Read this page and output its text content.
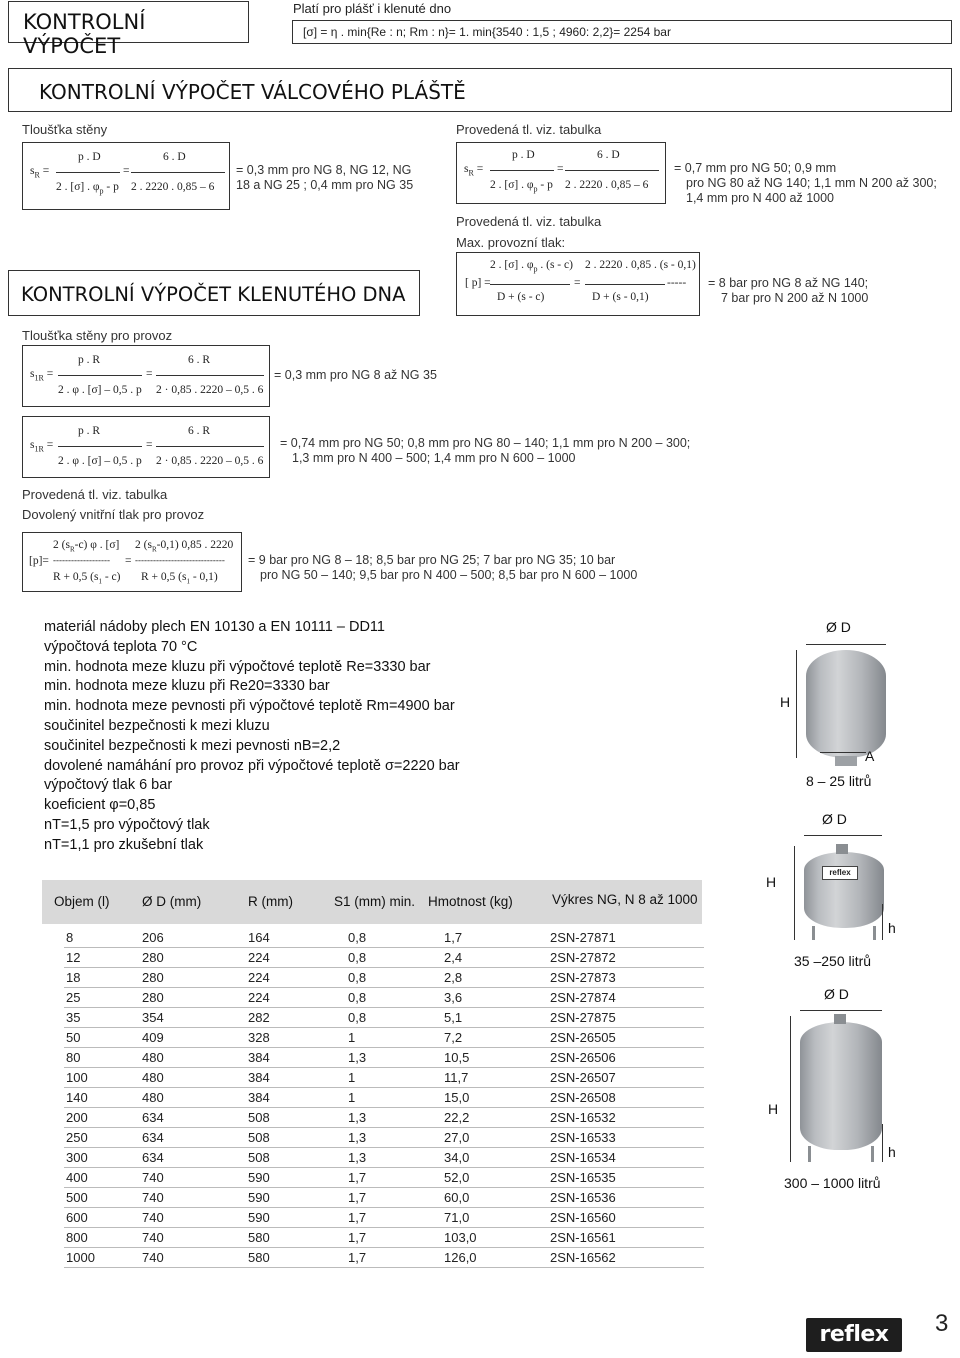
KONTROLNÍ VÝPOČET
Platí pro plášť i klenuté dno
[σ] = η . min{Re : n; Rm : n}= 1. min{3540 : 1,5 ; 4960: 2,2}= 2254 bar
KONTROLNÍ VÝPOČET VÁLCOVÉHO PLÁŠTĚ
Tloušťka stěny
$s_R$ =
p . D
2 . [σ] . $\varphi_p$ - p
=
6 . D
2 . 2220 . 0,85 – 6
= 0,3 mm pro NG 8, NG 12, NG 18 a NG 25 ; 0,4 mm pro NG 35
Provedená tl. viz. tabulka
$s_R$ =
p . D
2 . [σ] . $\varphi_p$ - p
=
6 . D
2 . 2220 . 0,85 – 6
= 0,7 mm pro NG 50; 0,9 mm
pro NG 80 až NG 140; 1,1 mm N 200 až 300;
1,4 mm pro N 400 až 1000
Provedená tl. viz. tabulka
Max. provozní tlak:
[ p] =
2 . [σ] . $\varphi_p$ . (s - c)
D + (s - c)
=
2 . 2220 . 0,85 . (s - 0,1)
-----
D + (s - 0,1)
= 8 bar pro NG 8 až NG 140;
7 bar pro N 200 až N 1000
KONTROLNÍ VÝPOČET KLENUTÉHO DNA
Tloušťka stěny pro provoz
$s_{1R}$ =
p . R
2 . φ . [σ] – 0,5 . p
=
6 . R
2 · 0,85 . 2220 – 0,5 . 6
= 0,3 mm pro NG 8 až NG 35
$s_{1R}$ =
p . R
2 . φ . [σ] – 0,5 . p
=
6 . R
2 · 0,85 . 2220 – 0,5 . 6
= 0,74 mm pro NG 50; 0,8 mm pro NG 80 – 140; 1,1 mm pro N 200 – 300;
1,3 mm pro N 400 – 500; 1,4 mm pro N 600 – 1000
Provedená tl. viz. tabulka
Dovolený vnitřní tlak pro provoz
2 $(s_R-c)$ φ . [σ]
[p]= ------------------- =
R + 0,5 $(s_1 - c)$
2 $(s_R-0,1)$ 0,85 . 2220
------------------------------
R + 0,5 $(s_1 - 0,1)$
= 9 bar pro NG 8 – 18; 8,5 bar pro NG 25; 7 bar pro NG 35; 10 bar
pro NG 50 – 140; 9,5 bar pro N 400 – 500; 8,5 bar pro N 600 – 1000
materiál nádoby plech EN 10130 a EN 10111 – DD11
výpočtová teplota 70 °C
min. hodnota meze kluzu při výpočtové teplotě Re=3330 bar
min. hodnota meze kluzu při Re20=3330 bar
min. hodnota meze pevnosti při výpočtové teplotě Rm=4900 bar
součinitel bezpečnosti k mezi kluzu
součinitel bezpečnosti k mezi pevnosti nB=2,2
dovolené namáhání pro provoz při výpočtové teplotě σ=2220 bar
výpočtový tlak 6 bar
koeficient φ=0,85
nT=1,5 pro výpočtový tlak
nT=1,1 pro zkušební tlak
Objem (l) Ø D (mm)	R (mm)	S1 (mm) min. Hmotnost (kg)	Výkres NG, N 8 až 1000
8	206	164	0,8	1,7	2SN-27871
12	280	224	0,8	2,4	2SN-27872
18	280	224	0,8	2,8	2SN-27873
25	280	224	0,8	3,6	2SN-27874
35	354	282	0,8	5,1	2SN-27875
50	409	328	1	7,2	2SN-26505
80	480	384	1,3	10,5	2SN-26506
100	480	384	1	11,7	2SN-26507
140	480	384	1	15,0	2SN-26508
200	634	508	1,3	22,2	2SN-16532
250	634	508	1,3	27,0	2SN-16533
300	634	508	1,3	34,0	2SN-16534
400	740	590	1,7	52,0	2SN-16535
500	740	590	1,7	60,0	2SN-16536
600	740	590	1,7	71,0	2SN-16560
800	740	580	1,7	103,0	2SN-16561
1000	740	580	1,7	126,0	2SN-16562
Ø D
H
A
8 – 25 litrů
Ø D
reflex
H
h
35 –250 litrů
Ø D
H
h
300 – 1000 litrů
reflex	3
